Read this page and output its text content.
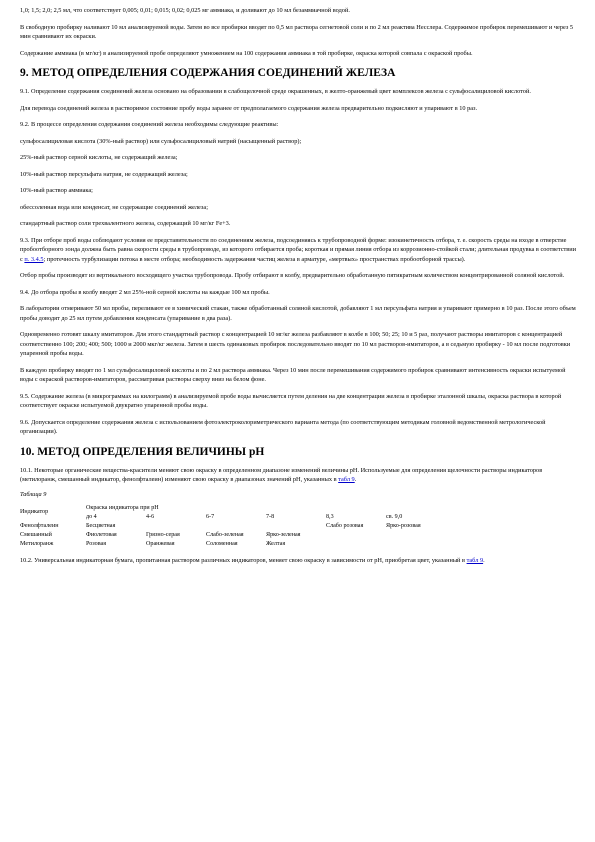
1,0; 1,5; 2,0; 2,5 мл, что соответствует 0,005; 0,01; 0,015; 0,02; 0,025 мг аммиака, и доливают до 10 мл безаммиачной водой.

В свободную пробирку наливают 10 мл анализируемой воды. Затем во все пробирки вводят по 0,5 мл раствора сегнетовой соли и по 2 мл реактива Несслера. Содержимое пробирок перемешивают и через 5 мин сравнивают их окраски.

Содержание аммиака (в мг/кг) в анализируемой пробе определяют умножением на 100 содержания аммиака в той пробирке, окраска которой совпала с окраской пробы.

9. МЕТОД ОПРЕДЕЛЕНИЯ СОДЕРЖАНИЯ СОЕДИНЕНИЙ ЖЕЛЕЗА

9.1. Определение содержания соединений железа основано на образовании в слабощелочной среде окрашенных, в желто-оранжевый цвет комплексов железа с сульфосалициловой кислотой.

Для перевода соединений железа в растворимое состояние пробу воды заранее от предполагаемого содержания железа предварительно подкисляют и упаривают в 10 раз.

9.2. В процессе определения содержания соединений железа необходимы следующие реактивы:

сульфосалициловая кислота (30%-ный раствор) или сульфосалициловый натрий (насыщенный раствор);

25%-ный раствор серной кислоты, не содержащий железа;

10%-ный раствор персульфата натрия, не содержащий железа;

10%-ный раствор аммиака;

обессоленная вода или конденсат, не содержащие соединений железа;

стандартный раствор соли трехвалентного железа, содержащий 10 мг/кг Fe+3.

9.3. При отборе проб воды соблюдают условия ее представительности по соединениям железа, подсоединяясь к трубопроводной форме: изокинетичность отбора, т. е. скорость среды на входе в отверстие пробоотборного зонда должна быть равна скорости среды в трубопроводе, из которого отбирается проба; короткая и прямая линия отбора из коррозионно-стойкой стали; длительная продувка в соответствии с п. 3.4.5; протечность турбулизации потока в месте отбора; необходимость задержания частиц железа в арматуре, «мертвых» пространствах пробоотборной трассы).

Отбор пробы производят из вертикального восходящего участка трубопровода. Пробу отбирают в колбу, предварительно обработанную пятикратным количеством концентрированной соляной кислотой.

9.4. До отбора пробы в колбу вводят 2 мл 25%-ной серной кислоты на каждые 100 мл пробы.

В лаборатории отмеривают 50 мл пробы, переливают ее в химический стакан, также обработанный соляной кислотой, добавляют 1 мл персульфата натрия и упаривают примерно в 10 раз. После этого объем пробы доводят до 25 мл путем добавления конденсата (упаривание в два раза).

Одновременно готовят шкалу имитаторов. Для этого стандартный раствор с концентрацией 10 мг/кг железа разбавляют в колбе в 100; 50; 25; 10 и 5 раз, получают растворы имитаторов с концентрацией соответственно 100; 200; 400; 500; 1000 и 2000 мкг/кг железа. Затем в шесть одинаковых пробирок последовательно вводят по 10 мл растворов-имитаторов, а в седьмую пробирку - 10 мл после подготовки упаренной пробы воды.

В каждую пробирку вводят по 1 мл сульфосалициловой кислоты и по 2 мл раствора аммиака. Через 10 мин после перемешивания содержимого пробирок сравнивают интенсивность окраски испытуемой воды с окраской растворов-имитаторов, рассматривая растворы сверху вниз на белом фоне.

9.5. Содержание железа (в микрограммах на килограмм) в анализируемой пробе воды вычисляется путем деления на две концентрации железа в пробирке эталонной шкалы, окраска раствора в которой соответствует окраске испытуемой двукратно упаренной пробы воды.

9.6. Допускается определение содержания железа с использованием фотоэлектроколориметрического варианта метода (по соответствующим методикам головной ведомственной метрологической организации).

10. МЕТОД ОПРЕДЕЛЕНИЯ ВЕЛИЧИНЫ pH

10.1. Некоторые органические вещества-красители меняют свою окраску в определенном диапазоне изменений величины pH. Используемые для определения щелочности растворы индикаторов (метилоранж, смешанный индикатор, фенолфталеин) изменяют свою окраску в диапазонах значений pH, указанных в табл 9.

Таблица 9
Индикатор	Окраска индикатора при pH					
	до 4	4-6	6-7	7-8	8,3	св. 9,0
Фенолфталеин	Бесцветная				Слабо розовая	Ярко-розовая
Смешанный	Фиолетовая	Грязно-серая	Слабо-зеленая	Ярко-зеленая		
Метилоранж	Розовая	Оранжевая	Соломенная	Желтая		

10.2. Универсальная индикаторная бумага, пропитанная раствором различных индикаторов, меняет свою окраску в зависимости от pH, приобретая цвет, указанный в табл 9.
